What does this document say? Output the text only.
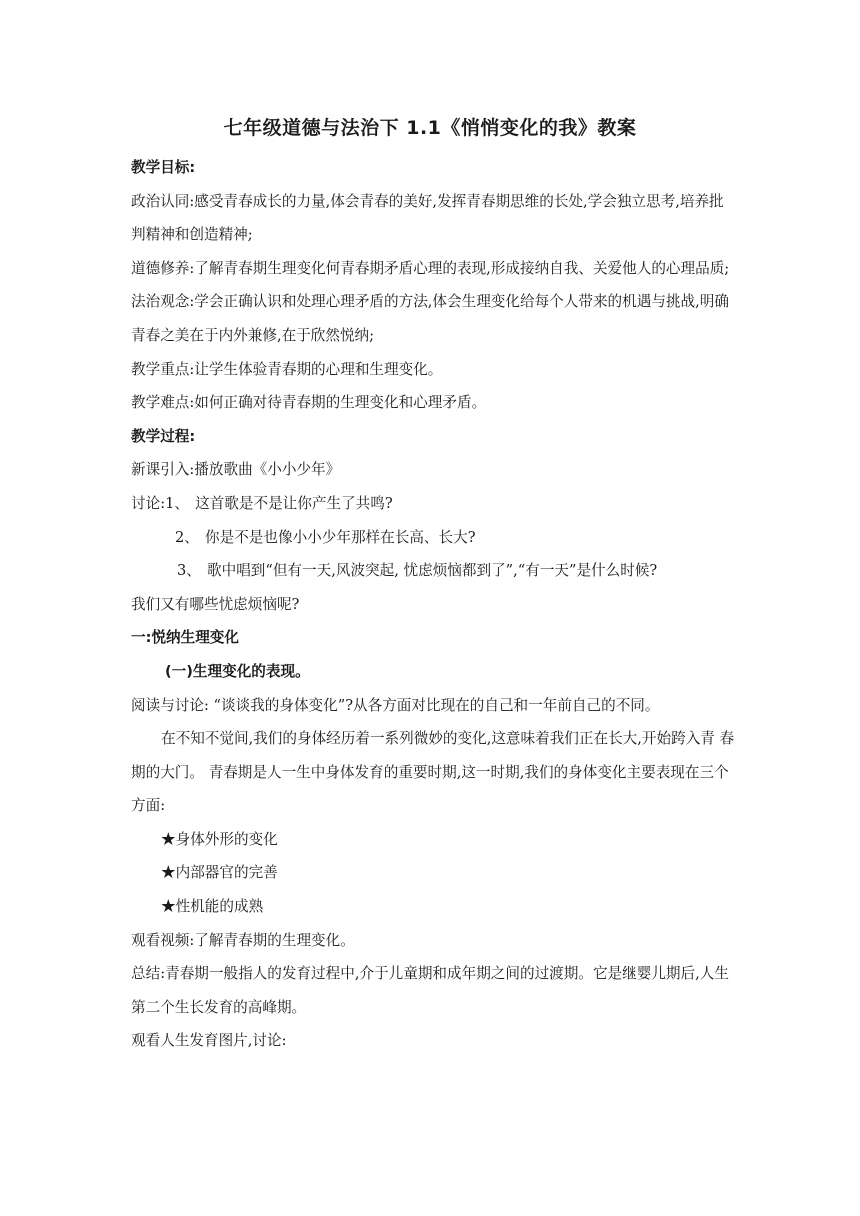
七年级道德与法治下 1.1《悄悄变化的我》教案

教学目标:

政治认同:感受青春成长的力量,体会青春的美好,发挥青春期思维的长处,学会独立思考,培养批判精神和创造精神;

道德修养:了解青春期生理变化何青春期矛盾心理的表现,形成接纳自我、关爱他人的心理品质;

法治观念:学会正确认识和处理心理矛盾的方法,体会生理变化给每个人带来的机遇与挑战,明确青春之美在于内外兼修,在于欣然悦纳;

教学重点:让学生体验青春期的心理和生理变化。

教学难点:如何正确对待青春期的生理变化和心理矛盾。

教学过程:

新课引入:播放歌曲《小小少年》

讨论:1、 这首歌是不是让你产生了共鸣?

2、 你是不是也像小小少年那样在长高、长大?

3、 歌中唱到“但有一天,风波突起, 忧虑烦恼都到了”,“有一天”是什么时候?

我们又有哪些忧虑烦恼呢?

一:悦纳生理变化

(一)生理变化的表现。

阅读与讨论: “谈谈我的身体变化”?从各方面对比现在的自己和一年前自己的不同。

在不知不觉间,我们的身体经历着一系列微妙的变化,这意味着我们正在长大,开始跨入青 春期的大门。 青春期是人一生中身体发育的重要时期,这一时期,我们的身体变化主要表现在三个方面:

★身体外形的变化

★内部器官的完善

★性机能的成熟

观看视频:了解青春期的生理变化。

总结:青春期一般指人的发育过程中,介于儿童期和成年期之间的过渡期。它是继婴儿期后,人生第二个生长发育的高峰期。

观看人生发育图片,讨论:
